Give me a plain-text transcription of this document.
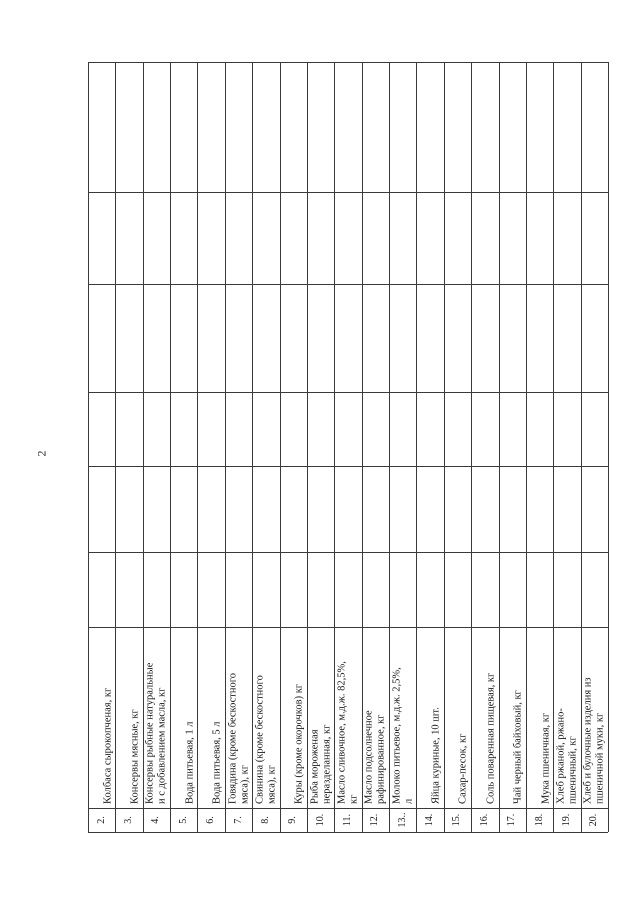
2
2.
Колбаса сырокопченая, кг
3.
Консервы мясные, кг
4.
Консервы рыбные натуральные
и с добавлением масла, кг
5.
Вода питьевая, 1 л
6.
Вода питьевая, 5 л
7.
Говядина (кроме бескостного
мяса), кг
8.
Свинина (кроме бескостного
мяса), кг
9.
Куры (кроме окорочков) кг
10.
Рыба мороженая
неразделанная, кг
11.
Масло сливочное, м.д.ж. 82,5%,
кг
12.
Масло подсолнечное
рафинированное, кг
13..
Молоко питьевое, м.д.ж. 2,5%,
л
14.
Яйца куриные, 10 шт.
15.
Сахар-песок, кг
16.
Соль поваренная пищевая, кг
17.
Чай черный байховый, кг
18.
Мука пшеничная, кг
19.
Хлеб ржаной, ржано-
пшеничный, кг
20.
Хлеб и булочные изделия из
пшеничной муки, кг
